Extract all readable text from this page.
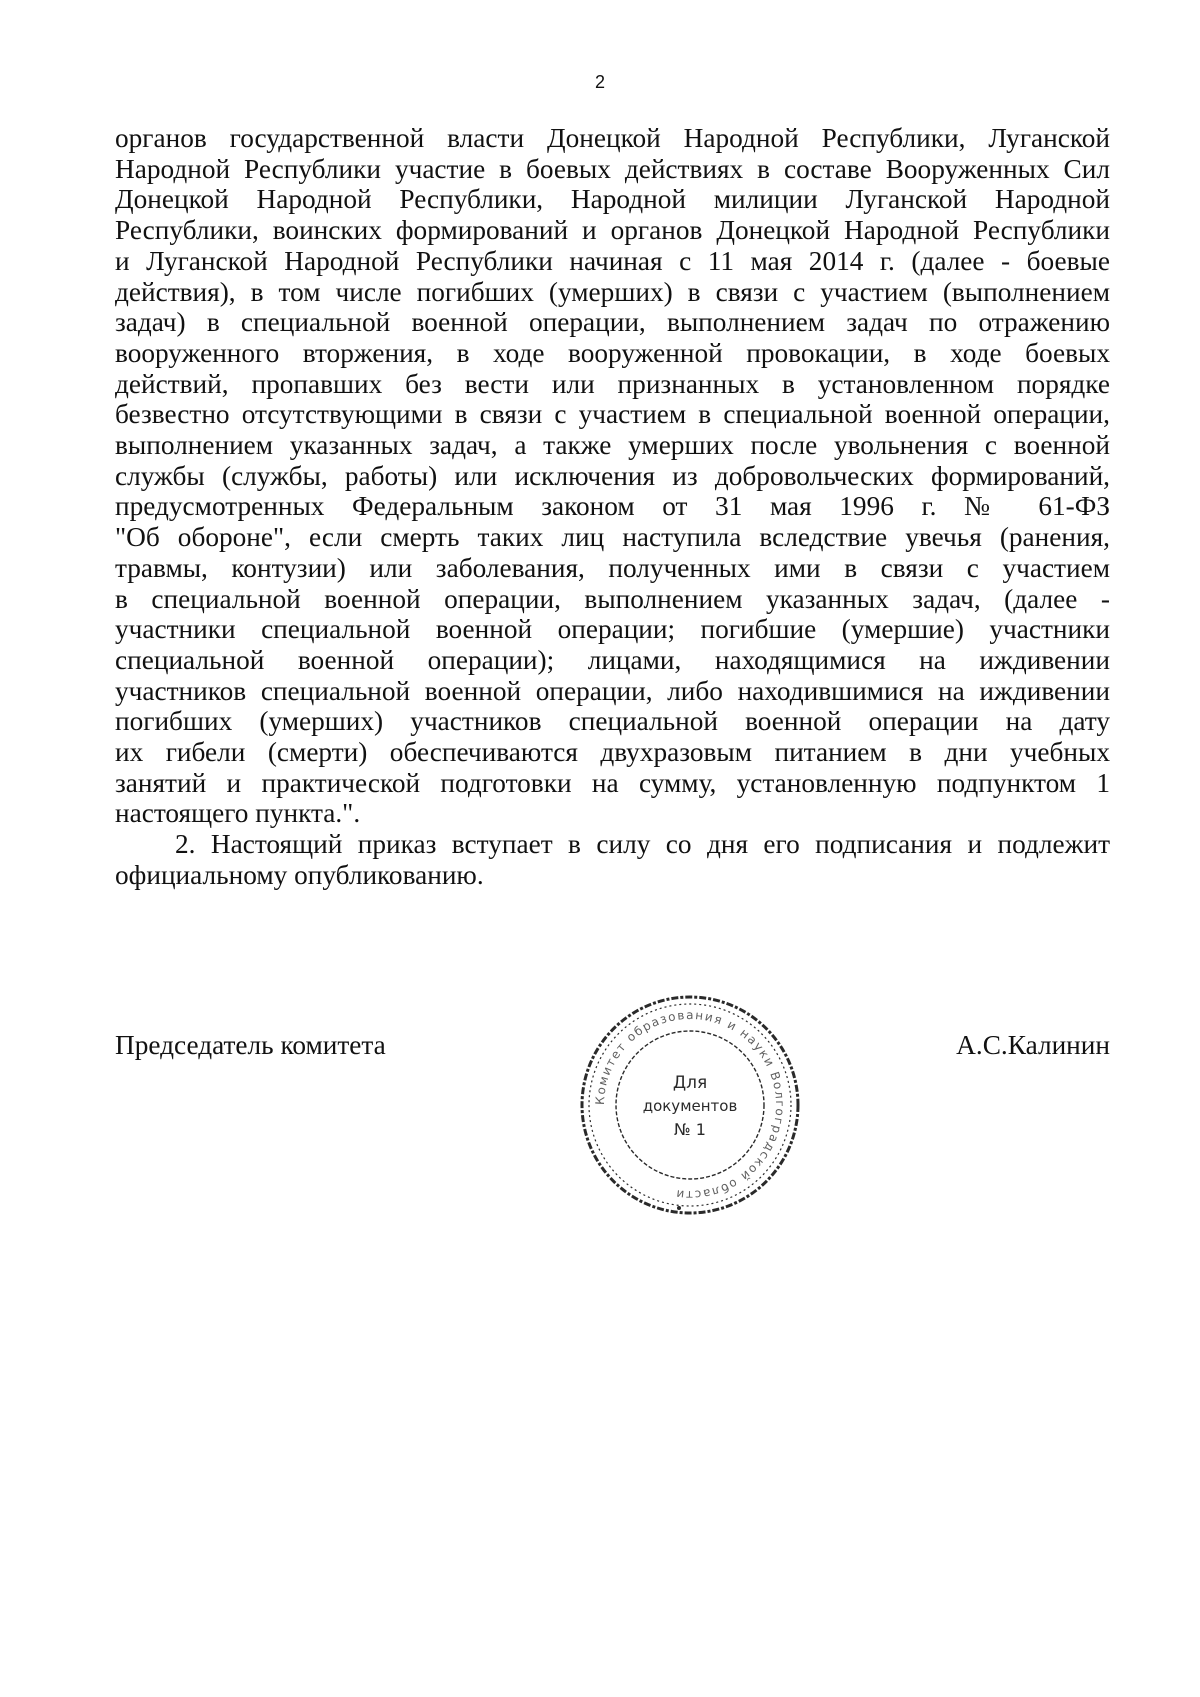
2
органов государственной власти Донецкой Народной Республики, Луганской
Народной Республики участие в боевых действиях в составе Вооруженных Сил
Донецкой Народной Республики, Народной милиции Луганской Народной
Республики, воинских формирований и органов Донецкой Народной Республики
и Луганской Народной Республики начиная с 11 мая 2014 г. (далее - боевые
действия), в том числе погибших (умерших) в связи с участием (выполнением
задач) в специальной военной операции, выполнением задач по отражению
вооруженного вторжения, в ходе вооруженной провокации, в ходе боевых
действий, пропавших без вести или признанных в установленном порядке
безвестно отсутствующими в связи с участием в специальной военной операции,
выполнением указанных задач, а также умерших после увольнения с военной
службы (службы, работы) или исключения из добровольческих формирований,
предусмотренных Федеральным законом от 31 мая 1996 г. № 61-ФЗ
"Об обороне", если смерть таких лиц наступила вследствие увечья (ранения,
травмы, контузии) или заболевания, полученных ими в связи с участием
в специальной военной операции, выполнением указанных задач, (далее -
участники специальной военной операции; погибшие (умершие) участники
специальной военной операции); лицами, находящимися на иждивении
участников специальной военной операции, либо находившимися на иждивении
погибших (умерших) участников специальной военной операции на дату
их гибели (смерти) обеспечиваются двухразовым питанием в дни учебных
занятий и практической подготовки на сумму, установленную подпунктом 1
настоящего пункта.".
2. Настоящий приказ вступает в силу со дня его подписания и подлежит
официальному опубликованию.
Председатель комитета	А.С.Калинин
Комитет образования и науки Волгоградской области
Для
документов
№ 1
